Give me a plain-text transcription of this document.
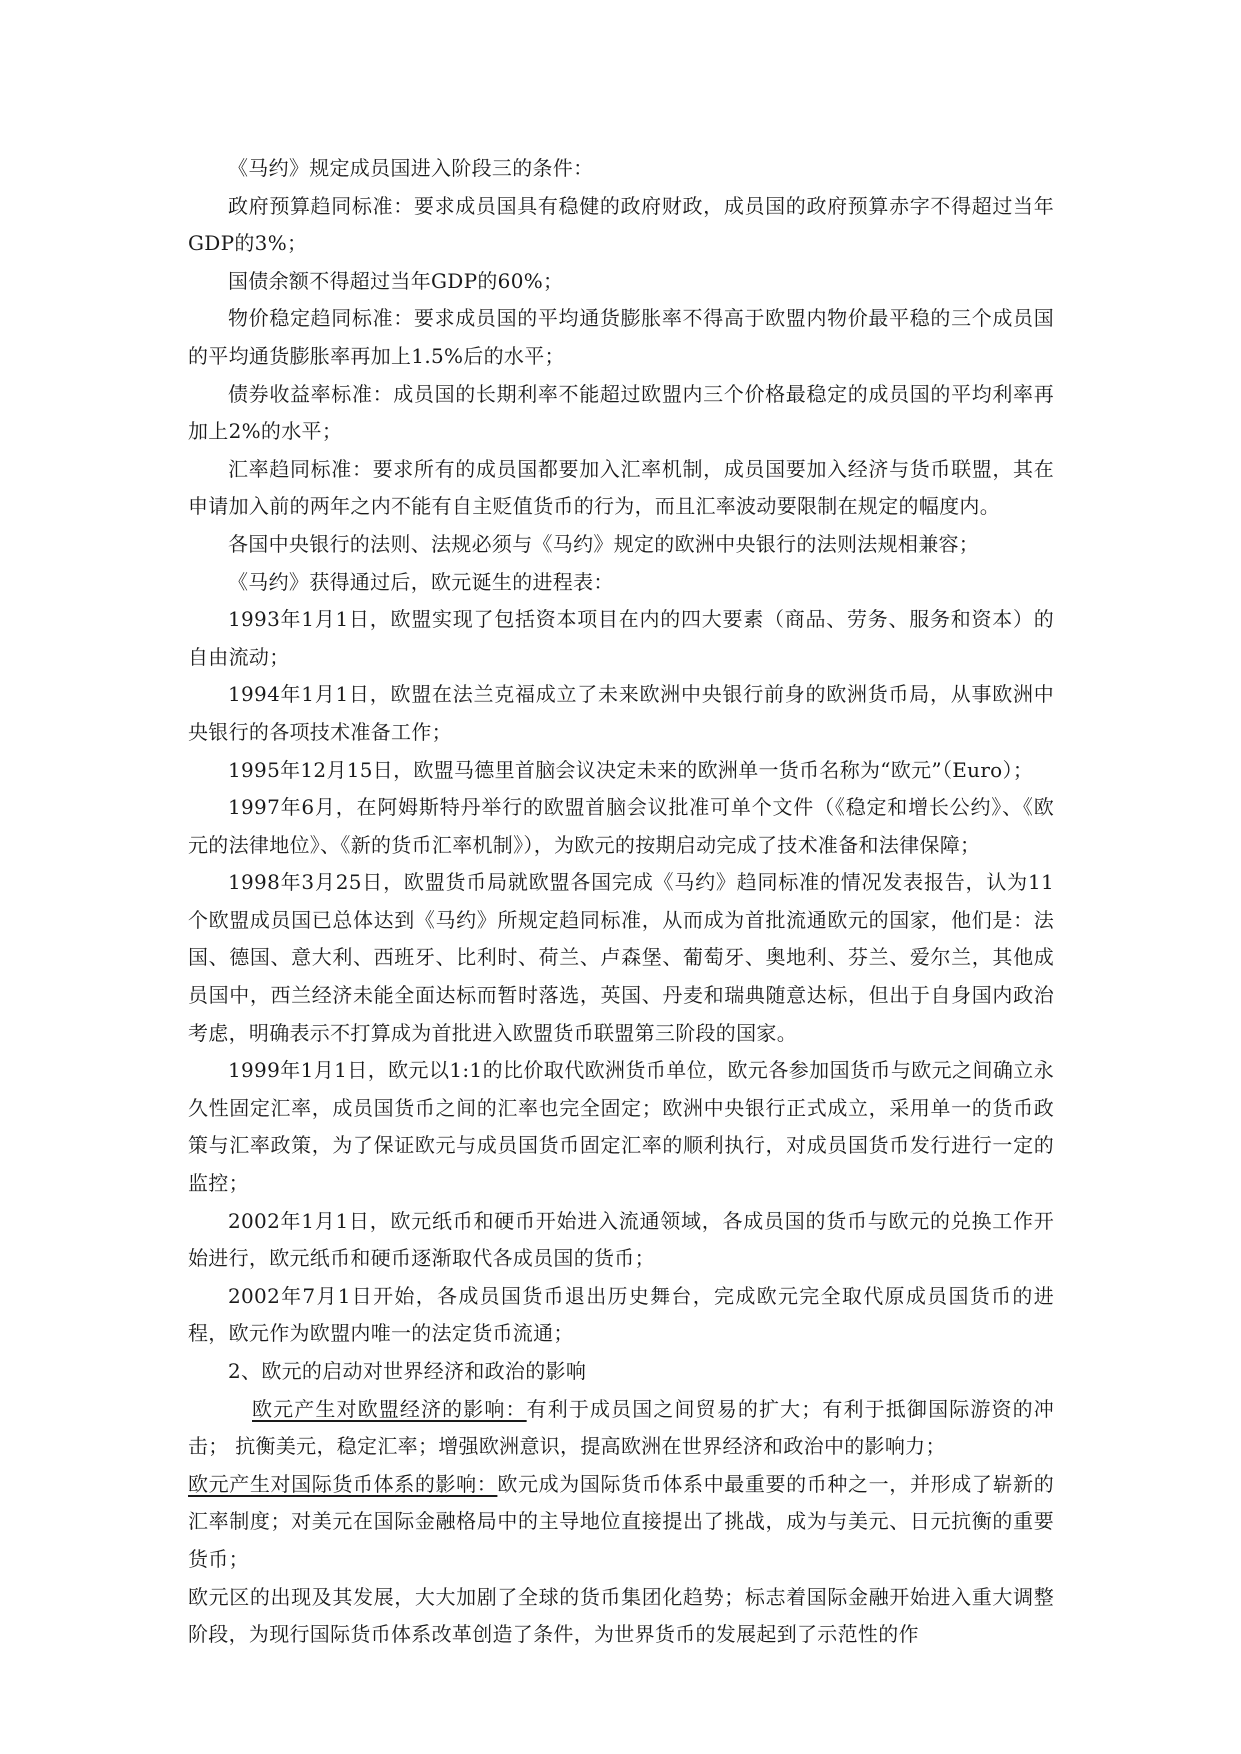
《马约》规定成员国进入阶段三的条件：

政府预算趋同标准：要求成员国具有稳健的政府财政，成员国的政府预算赤字不得超过当年GDP的3%；

国债余额不得超过当年GDP的60%；

物价稳定趋同标准：要求成员国的平均通货膨胀率不得高于欧盟内物价最平稳的三个成员国的平均通货膨胀率再加上1.5%后的水平；

债券收益率标准：成员国的长期利率不能超过欧盟内三个价格最稳定的成员国的平均利率再加上2%的水平；

汇率趋同标准：要求所有的成员国都要加入汇率机制，成员国要加入经济与货币联盟，其在申请加入前的两年之内不能有自主贬值货币的行为，而且汇率波动要限制在规定的幅度内。

各国中央银行的法则、法规必须与《马约》规定的欧洲中央银行的法则法规相兼容；

《马约》获得通过后，欧元诞生的进程表：

1993年1月1日，欧盟实现了包括资本项目在内的四大要素（商品、劳务、服务和资本）的自由流动；

1994年1月1日，欧盟在法兰克福成立了未来欧洲中央银行前身的欧洲货币局，从事欧洲中央银行的各项技术准备工作；

1995年12月15日，欧盟马德里首脑会议决定未来的欧洲单一货币名称为“欧元”（Euro）；

1997年6月，在阿姆斯特丹举行的欧盟首脑会议批准可单个文件（《稳定和增长公约》、《欧元的法律地位》、《新的货币汇率机制》），为欧元的按期启动完成了技术准备和法律保障；

1998年3月25日，欧盟货币局就欧盟各国完成《马约》趋同标准的情况发表报告，认为11个欧盟成员国已总体达到《马约》所规定趋同标准，从而成为首批流通欧元的国家，他们是：法国、德国、意大利、西班牙、比利时、荷兰、卢森堡、葡萄牙、奥地利、芬兰、爱尔兰，其他成员国中，西兰经济未能全面达标而暂时落选，英国、丹麦和瑞典随意达标，但出于自身国内政治考虑，明确表示不打算成为首批进入欧盟货币联盟第三阶段的国家。

1999年1月1日，欧元以1:1的比价取代欧洲货币单位，欧元各参加国货币与欧元之间确立永久性固定汇率，成员国货币之间的汇率也完全固定；欧洲中央银行正式成立，采用单一的货币政策与汇率政策，为了保证欧元与成员国货币固定汇率的顺利执行，对成员国货币发行进行一定的监控；

2002年1月1日，欧元纸币和硬币开始进入流通领域，各成员国的货币与欧元的兑换工作开始进行，欧元纸币和硬币逐渐取代各成员国的货币；

2002年7月1日开始，各成员国货币退出历史舞台，完成欧元完全取代原成员国货币的进程，欧元作为欧盟内唯一的法定货币流通；

2、欧元的启动对世界经济和政治的影响

欧元产生对欧盟经济的影响：有利于成员国之间贸易的扩大；有利于抵御国际游资的冲击； 抗衡美元，稳定汇率；增强欧洲意识，提高欧洲在世界经济和政治中的影响力；

欧元产生对国际货币体系的影响：欧元成为国际货币体系中最重要的币种之一，并形成了崭新的汇率制度；对美元在国际金融格局中的主导地位直接提出了挑战，成为与美元、日元抗衡的重要货币；

欧元区的出现及其发展，大大加剧了全球的货币集团化趋势；标志着国际金融开始进入重大调整阶段，为现行国际货币体系改革创造了条件，为世界货币的发展起到了示范性的作
